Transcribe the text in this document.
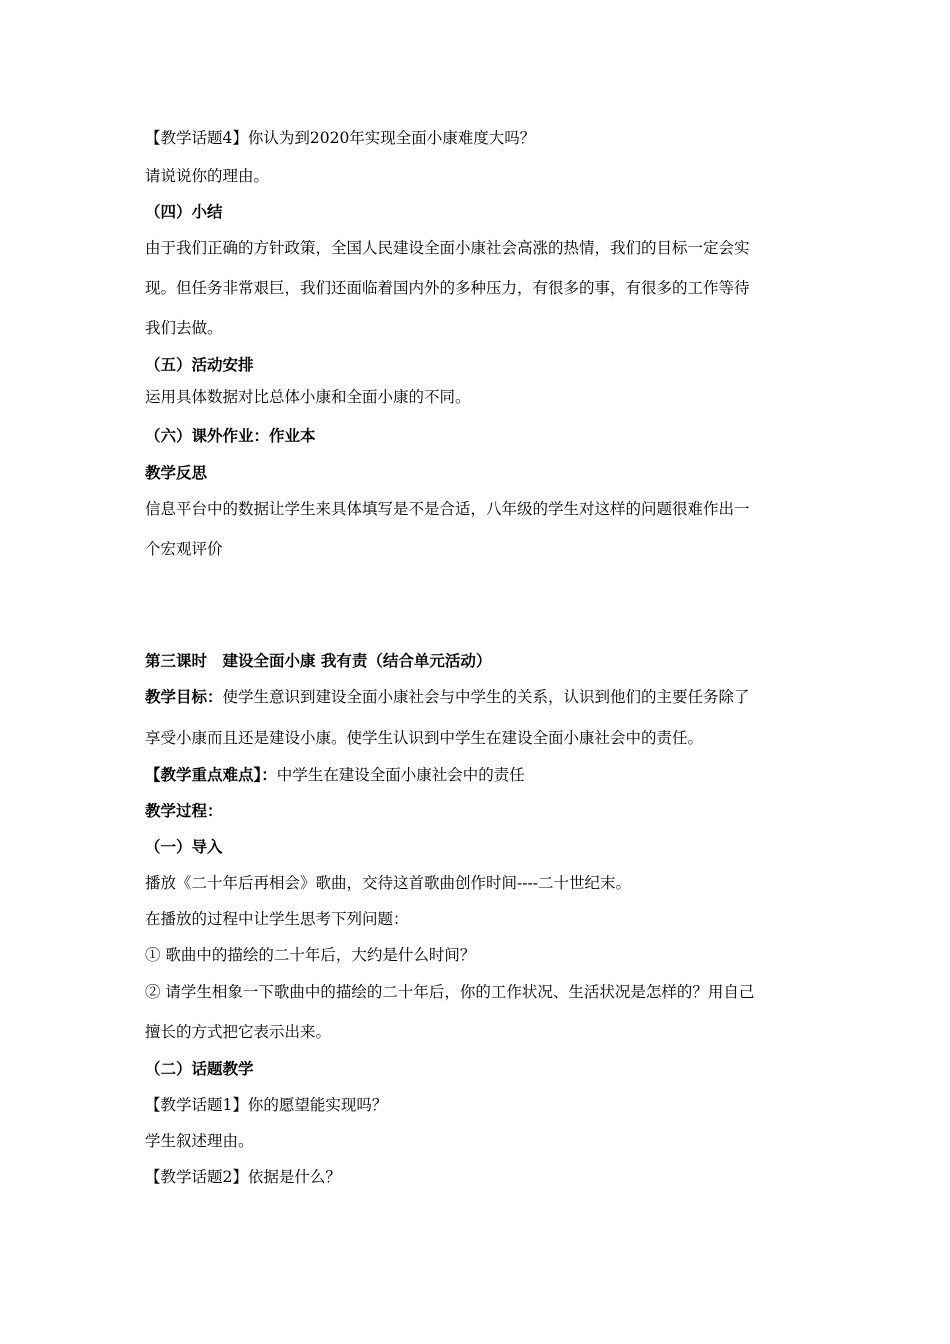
【教学话题4】你认为到2020年实现全面小康难度大吗？
请说说你的理由。
（四）小结
由于我们正确的方针政策，全国人民建设全面小康社会高涨的热情，我们的目标一定会实
现。但任务非常艰巨，我们还面临着国内外的多种压力，有很多的事，有很多的工作等待
我们去做。
（五）活动安排
运用具体数据对比总体小康和全面小康的不同。
（六）课外作业：作业本
教学反思
信息平台中的数据让学生来具体填写是不是合适，八年级的学生对这样的问题很难作出一
个宏观评价
第三课时　建设全面小康 我有责（结合单元活动）
教学目标：使学生意识到建设全面小康社会与中学生的关系，认识到他们的主要任务除了
享受小康而且还是建设小康。使学生认识到中学生在建设全面小康社会中的责任。
【教学重点难点】：中学生在建设全面小康社会中的责任
教学过程：
（一）导入
播放《二十年后再相会》歌曲，交待这首歌曲创作时间----二十世纪末。
在播放的过程中让学生思考下列问题：
① 歌曲中的描绘的二十年后，大约是什么时间？
② 请学生相象一下歌曲中的描绘的二十年后，你的工作状况、生活状况是怎样的？用自己
擅长的方式把它表示出来。
（二）话题教学
【教学话题1】你的愿望能实现吗？
学生叙述理由。
【教学话题2】依据是什么？
